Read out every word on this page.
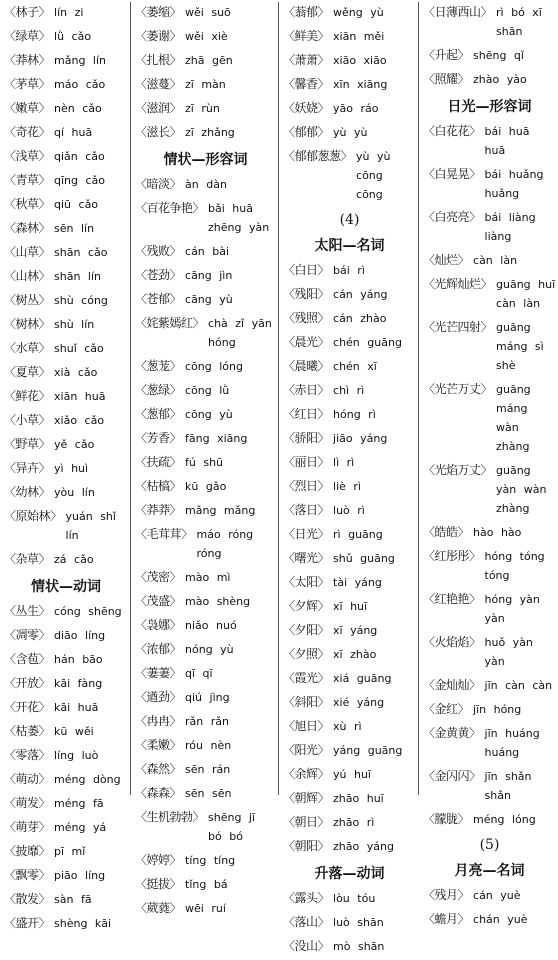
〈林子〉 lín zi
〈绿草〉 lǜ cǎo
〈莽林〉 mǎng lín
〈茅草〉 máo cǎo
〈嫩草〉 nèn cǎo
〈奇花〉 qí huā
〈浅草〉 qiǎn cǎo
〈青草〉 qīng cǎo
〈秋草〉 qiū cǎo
〈森林〉 sēn lín
〈山草〉 shān cǎo
〈山林〉 shān lín
〈树丛〉 shù cóng
〈树林〉 shù lín
〈水草〉 shuǐ cǎo
〈夏草〉 xià cǎo
〈鲜花〉 xiān huā
〈小草〉 xiǎo cǎo
〈野草〉 yě cǎo
〈异卉〉 yì huì
〈幼林〉 yòu lín
〈原始林〉 yuán shǐ lín
〈杂草〉 zá cǎo
情状—动词
〈丛生〉 cóng shēng
〈凋零〉 diāo líng
〈含苞〉 hán bāo
〈开放〉 kāi fàng
〈开花〉 kāi huā
〈枯萎〉 kū wěi
〈零落〉 líng luò
〈萌动〉 méng dòng
〈萌发〉 méng fā
〈萌芽〉 méng yá
〈披靡〉 pī mǐ
〈飘零〉 piāo líng
〈散发〉 sàn fā
〈盛开〉 shèng kāi
〈萎缩〉 wěi suō
〈萎谢〉 wěi xiè
〈扎根〉 zhā gēn
〈滋蔓〉 zī màn
〈滋润〉 zī rùn
〈滋长〉 zī zhǎng
情状—形容词
〈暗淡〉 àn dàn
〈百花争艳〉 bǎi huā zhēng yàn
〈残败〉 cán bài
〈苍劲〉 cāng jìn
〈苍郁〉 cāng yù
〈姹紫嫣红〉 chà zǐ yān hóng
〈葱茏〉 cōng lóng
〈葱绿〉 cōng lǜ
〈葱郁〉 cōng yù
〈芳香〉 fāng xiāng
〈扶疏〉 fú shū
〈枯槁〉 kū gǎo
〈莽莽〉 mǎng mǎng
〈毛茸茸〉 máo róng róng
〈茂密〉 mào mì
〈茂盛〉 mào shèng
〈袅娜〉 niǎo nuó
〈浓郁〉 nóng yù
〈萋萋〉 qī qī
〈遒劲〉 qiú jìng
〈冉冉〉 rǎn rǎn
〈柔嫩〉 róu nèn
〈森然〉 sēn rán
〈森森〉 sēn sēn
〈生机勃勃〉 shēng jī bó bó
〈婷婷〉 tíng tíng
〈挺拔〉 tǐng bá
〈葳蕤〉 wēi ruí
〈蓊郁〉 wěng yù
〈鲜美〉 xiān měi
〈萧萧〉 xiāo xiāo
〈馨香〉 xīn xiāng
〈妖娆〉 yāo ráo
〈郁郁〉 yù yù
〈郁郁葱葱〉 yù yù cōng cōng
(4)
太阳—名词
〈白日〉 bái rì
〈残阳〉 cán yáng
〈残照〉 cán zhào
〈晨光〉 chén guāng
〈晨曦〉 chén xī
〈赤日〉 chì rì
〈红日〉 hóng rì
〈骄阳〉 jiāo yáng
〈丽日〉 lì rì
〈烈日〉 liè rì
〈落日〉 luò rì
〈日光〉 rì guāng
〈曙光〉 shǔ guāng
〈太阳〉 tài yáng
〈夕辉〉 xī huī
〈夕阳〉 xī yáng
〈夕照〉 xī zhào
〈霞光〉 xiá guāng
〈斜阳〉 xié yáng
〈旭日〉 xù rì
〈阳光〉 yáng guāng
〈余辉〉 yú huī
〈朝辉〉 zhāo huī
〈朝日〉 zhāo rì
〈朝阳〉 zhāo yáng
升落—动词
〈露头〉 lòu tóu
〈落山〉 luò shān
〈没山〉 mò shān
〈日薄西山〉 rì bó xī shān
〈升起〉 shēng qǐ
〈照耀〉 zhào yào
日光—形容词
〈白花花〉 bái huā huā
〈白晃晃〉 bái huǎng huǎng
〈白亮亮〉 bái liàng liàng
〈灿烂〉 càn làn
〈光辉灿烂〉 guāng huī càn làn
〈光芒四射〉 guāng máng sì shè
〈光芒万丈〉 guāng máng wàn zhàng
〈光焰万丈〉 guāng yàn wàn zhàng
〈皓皓〉 hào hào
〈红彤彤〉 hóng tóng tóng
〈红艳艳〉 hóng yàn yàn
〈火焰焰〉 huǒ yàn yàn
〈金灿灿〉 jīn càn càn
〈金红〉 jīn hóng
〈金黄黄〉 jīn huáng huáng
〈金闪闪〉 jīn shǎn shǎn
〈朦胧〉 méng lóng
(5)
月亮—名词
〈残月〉 cán yuè
〈蟾月〉 chán yuè
